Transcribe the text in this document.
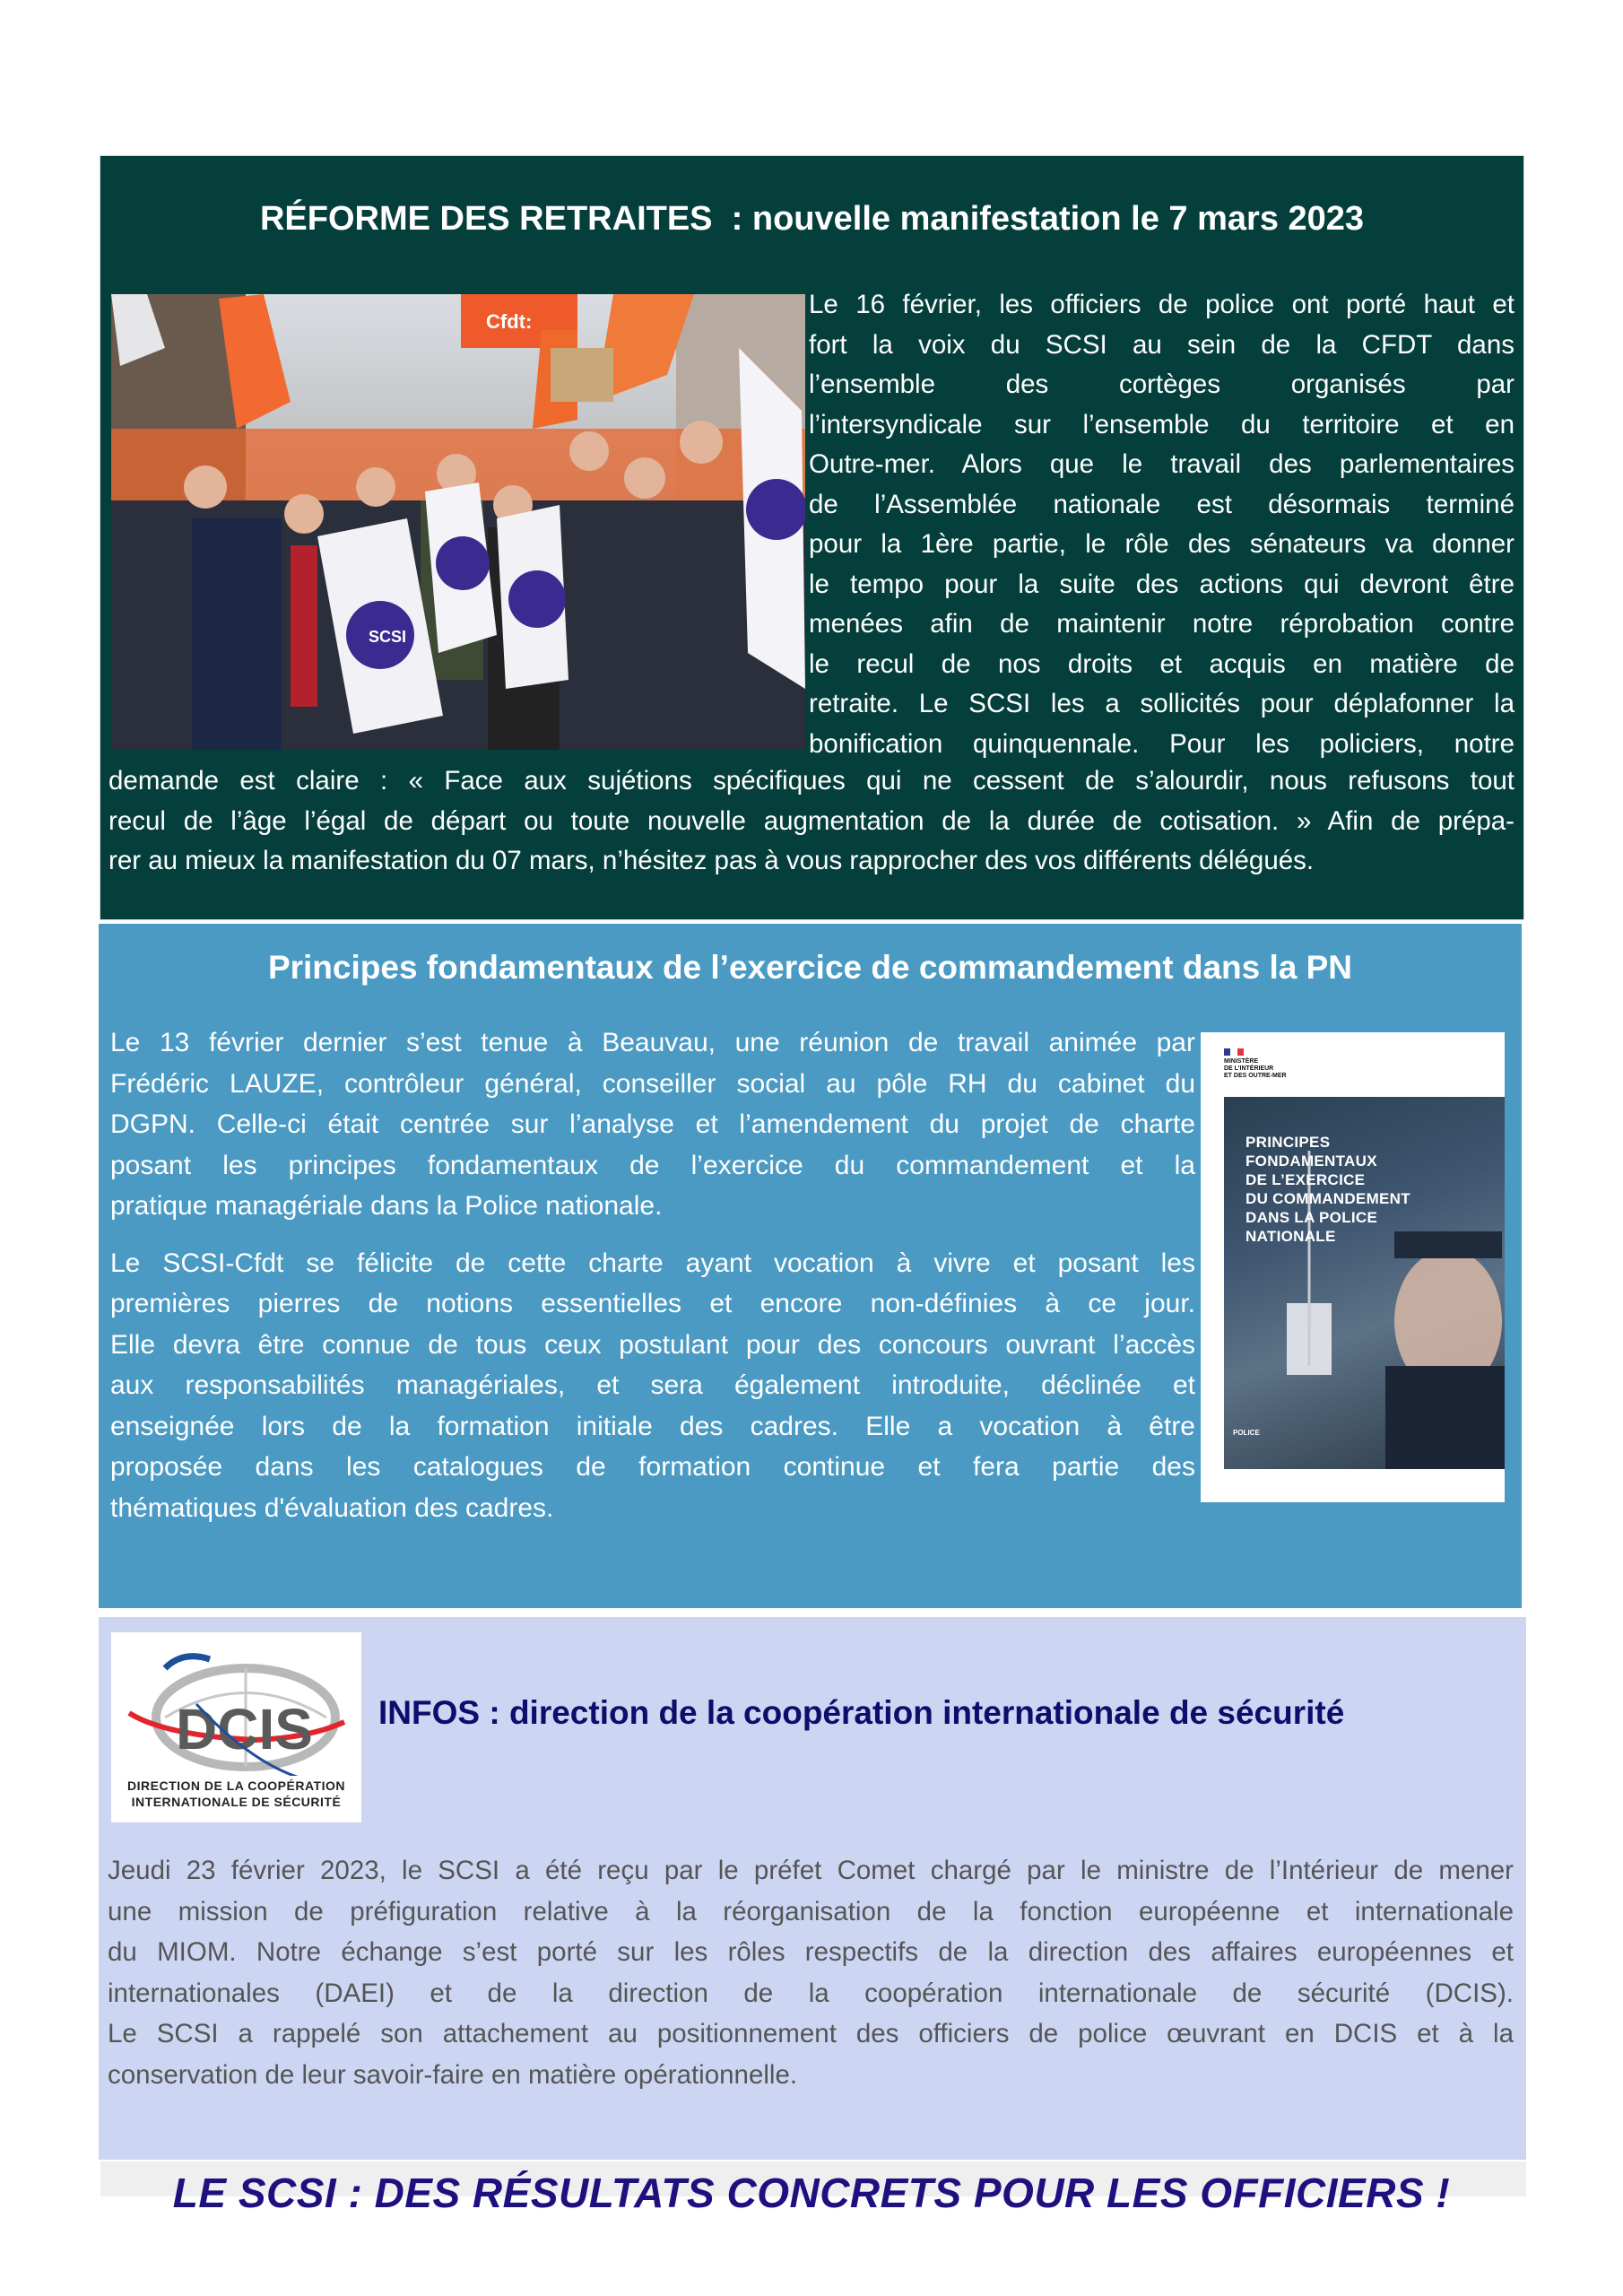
RÉFORME DES RETRAITES  : nouvelle manifestation le 7 mars 2023
Cfdt:
SCSI
Le 16 février, les officiers de police ont porté haut et
fort la voix du SCSI au sein de la CFDT dans
l’ensemble des cortèges organisés par
l’intersyndicale sur l’ensemble du territoire et en
Outre-mer. Alors que le travail des parlementaires
de l’Assemblée nationale est désormais terminé
pour la 1ère partie, le rôle des sénateurs va donner
le tempo pour la suite des actions qui devront être
menées afin de maintenir notre réprobation contre
le recul de nos droits et acquis en matière de
retraite. Le SCSI les a sollicités pour déplafonner la
bonification quinquennale. Pour les policiers, notre
demande est claire : « Face aux sujétions spécifiques qui ne cessent de s’alourdir, nous refusons tout
recul de l’âge l’égal de départ ou toute nouvelle augmentation de la durée de cotisation. » Afin de prépa-
rer au mieux la manifestation du 07 mars, n’hésitez pas à vous rapprocher des vos différents délégués.
Principes fondamentaux de l’exercice de commandement dans la PN

Le 13 février dernier s’est tenue à Beauvau, une réunion de travail animée par
Frédéric LAUZE, contrôleur général, conseiller social au pôle RH du cabinet du
DGPN. Celle-ci était centrée sur l’analyse et l’amendement du projet de charte
posant les principes fondamentaux de l’exercice du commandement et la
pratique managériale dans la Police nationale.

Le SCSI-Cfdt se félicite de cette charte ayant vocation à vivre et posant les
premières pierres de notions essentielles et encore non-définies à ce jour.
Elle devra être connue de tous ceux postulant pour des concours ouvrant l’accès
aux responsabilités managériales, et sera également introduite, déclinée et
enseignée lors de la formation initiale des cadres. Elle a vocation à être
proposée dans les catalogues de formation continue et fera partie des
thématiques d'évaluation des cadres.

MINISTÈRE
DE L’INTÉRIEUR
ET DES OUTRE-MER
PRINCIPES
FONDAMENTAUX
DE L’EXERCICE
DU COMMANDEMENT
DANS LA POLICE
NATIONALE
POLICE
DCIS
DIRECTION DE LA COOPÉRATION
INTERNATIONALE DE SÉCURITÉ
INFOS : direction de la coopération internationale de sécurité
Jeudi 23 février 2023, le SCSI a été reçu par le préfet Comet chargé par le ministre de l’Intérieur de mener
une mission de préfiguration relative à la réorganisation de la fonction européenne et internationale
du MIOM. Notre échange s’est porté sur les rôles respectifs de la direction des affaires européennes et
internationales (DAEI) et de la direction de la coopération internationale de sécurité (DCIS).
Le SCSI a rappelé son attachement au positionnement des officiers de police œuvrant en DCIS et à la
conservation de leur savoir-faire en matière opérationnelle.
LE SCSI : DES RÉSULTATS CONCRETS POUR LES OFFICIERS !
